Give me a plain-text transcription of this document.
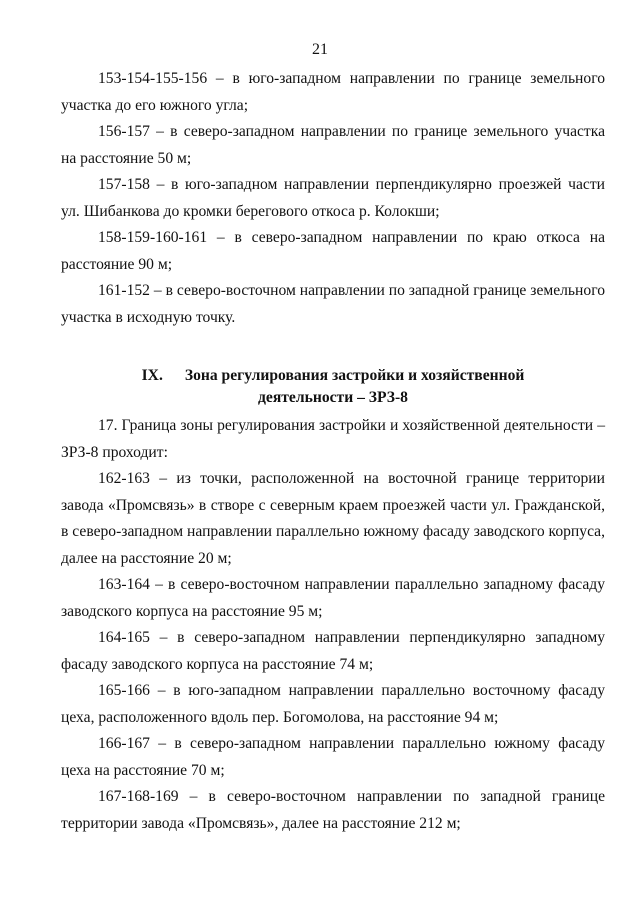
21

153-154-155-156 – в юго-западном направлении по границе земельного участка до его южного угла;

156-157 – в северо-западном направлении по границе земельного участка на расстояние 50 м;

157-158 – в юго-западном направлении перпендикулярно проезжей части ул. Шибанкова до кромки берегового откоса р. Колокши;

158-159-160-161 – в северо-западном направлении по краю откоса на расстояние 90 м;

161-152 – в северо-восточном направлении по западной границе земельного участка в исходную точку.

IX. Зона регулирования застройки и хозяйственной
деятельности – ЗРЗ-8

17. Граница зоны регулирования застройки и хозяйственной деятельности – ЗРЗ-8 проходит:

162-163 – из точки, расположенной на восточной границе территории завода «Промсвязь» в створе с северным краем проезжей части ул. Гражданской, в северо-западном направлении параллельно южному фасаду заводского корпуса, далее на расстояние 20 м;

163-164 – в северо-восточном направлении параллельно западному фасаду заводского корпуса на расстояние 95 м;

164-165 – в северо-западном направлении перпендикулярно западному фасаду заводского корпуса на расстояние 74 м;

165-166 – в юго-западном направлении параллельно восточному фасаду цеха, расположенного вдоль пер. Богомолова, на расстояние 94 м;

166-167 – в северо-западном направлении параллельно южному фасаду цеха на расстояние 70 м;

167-168-169 – в северо-восточном направлении по западной границе территории завода «Промсвязь», далее на расстояние 212 м;
